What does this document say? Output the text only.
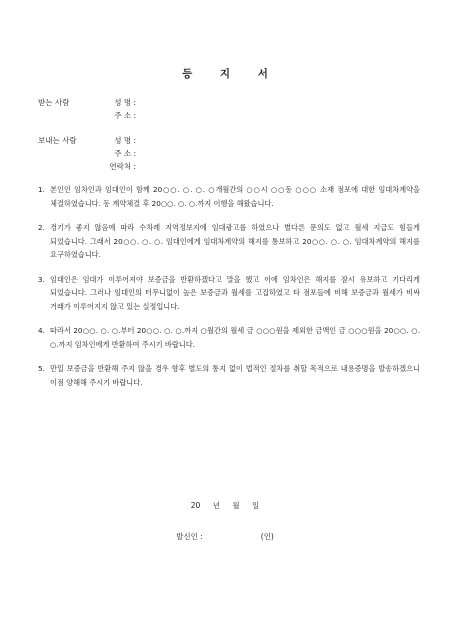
등 지 서
받는 사람	성 명 :
주 소 :
보내는 사람	성 명 :
주 소 :
연락처 :
1. 본인인 임차인과 임대인이 함께 20○○. ○. ○. ○개월간의 ○○시 ○○동 ○○○ 소재 점포에 대한 임대차계약을 체결하였습니다. 동 계약체결 후 20○○. ○. ○.까지 이행을 해왔습니다.
2. 경기가 좋지 않음에 따라 수차례 지역정보지에 임대광고를 하였으나 별다른 문의도 없고 월세 지급도 힘들게 되었습니다. 그래서 20○○. ○. ○. 임대인에게 임대차계약의 해지를 통보하고 20○○. ○. ○. 임대차계약의 해지를 요구하였습니다.
3. 임대인은 임대가 이루어져야 보증금을 반환하겠다고 말을 했고 이에 임차인은 해지를 잠시 유보하고 기다리게 되었습니다. 그러나 임대인의 터무니없이 높은 보증금과 월세를 고집하였고 타 점포들에 비해 보증금과 월세가 비싸 거래가 이루어지지 않고 있는 실정입니다.
4. 따라서 20○○. ○. ○.부터 20○○. ○. ○.까지 ○월간의 월세 금 ○○○원을 제외한 금액인 금 ○○○원을 20○○. ○. ○.까지 임차인에게 반환하여 주시기 바랍니다.
5. 만일 보증금을 반환해 주지 않을 경우 향후 별도의 통지 없이 법적인 절차를 취할 목적으로 내용증명을 발송하겠으니 이점 양해해 주시기 바랍니다.
20 년 월 일
발신인 :	(인)
